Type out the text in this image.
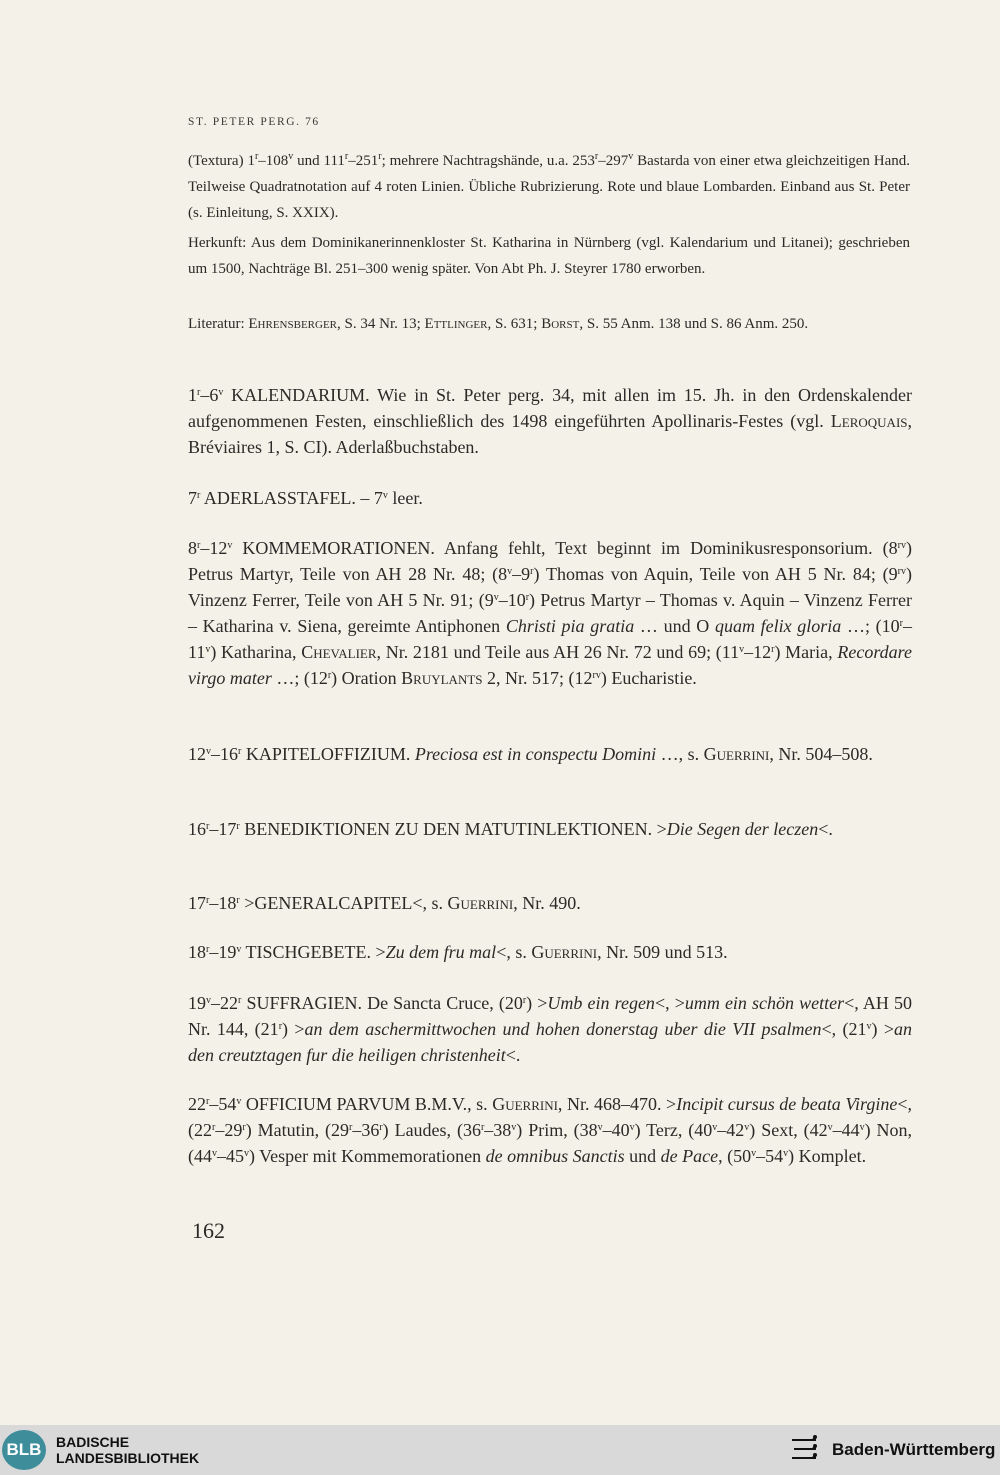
ST. PETER PERG. 76

(Textura) 1$^r$–108$^v$ und 111$^r$–251$^r$; mehrere Nachtragshände, u.a. 253$^r$–297$^v$ Bastarda von einer etwa gleichzeitigen Hand. Teilweise Quadratnotation auf 4 roten Linien. Übliche Rubrizierung. Rote und blaue Lombarden. Einband aus St. Peter (s. Einleitung, S. XXIX).

Herkunft: Aus dem Dominikanerinnenkloster St. Katharina in Nürnberg (vgl. Kalendarium und Litanei); geschrieben um 1500, Nachträge Bl. 251–300 wenig später. Von Abt Ph. J. Steyrer 1780 erworben.

Literatur: Ehrensberger, S. 34 Nr. 13; Ettlinger, S. 631; Borst, S. 55 Anm. 138 und S. 86 Anm. 250.

1$^r$–6$^v$ KALENDARIUM. Wie in St. Peter perg. 34, mit allen im 15. Jh. in den Ordenskalender aufgenommenen Festen, einschließlich des 1498 eingeführten Apollinaris-Festes (vgl. Leroquais, Bréviaires 1, S. CI). Aderlaßbuchstaben.

7$^r$ ADERLASSTAFEL. – 7$^v$ leer.

8$^r$–12$^v$ KOMMEMORATIONEN. Anfang fehlt, Text beginnt im Dominikusresponsorium. $(8^{rv})$ Petrus Martyr, Teile von AH 28 Nr. 48; (8$^v$–9$^r$) Thomas von Aquin, Teile von AH 5 Nr. 84; $(9^{rv})$ Vinzenz Ferrer, Teile von AH 5 Nr. 91; (9$^v$–10$^r$) Petrus Martyr – Thomas v. Aquin – Vinzenz Ferrer – Katharina v. Siena, gereimte Antiphonen Christi pia gratia … und O quam felix gloria …; (10$^r$–11$^v$) Katharina, Chevalier, Nr. 2181 und Teile aus AH 26 Nr. 72 und 69; (11$^v$–12$^r$) Maria, Recordare virgo mater …; (12$^r$) Oration Bruylants 2, Nr. 517; $(12^{rv})$ Eucharistie.

12$^v$–16$^r$ KAPITELOFFIZIUM. Preciosa est in conspectu Domini …, s. Guerrini, Nr. 504–508.

16$^r$–17$^r$ BENEDIKTIONEN ZU DEN MATUTINLEKTIONEN. >Die Segen der leczen<.

$17^r-18^r$ >GENERALCAPITEL<, s. Guerrini, Nr. 490.

18$^r$–19$^v$ TISCHGEBETE. >Zu dem fru mal<, s. Guerrini, Nr. 509 und 513.

19$^v$–22$^r$ SUFFRAGIEN. De Sancta Cruce, $(20^r) >Umb$ ein regen<, >umm ein schön wetter<, AH 50 Nr. 144, $(21^r) >an$ dem aschermittwochen und hohen donerstag uber die VII psalmen<, $(21^v) >an$ den creutztagen fur die heiligen christenheit<.

22$^r$–54$^v$ OFFICIUM PARVUM B.M.V., s. Guerrini, Nr. 468–470. >Incipit cursus de beata Virgine<, (22$^r$–29$^r$) Matutin, (29$^r$–36$^r$) Laudes, (36$^r$–38$^v$) Prim, (38$^v$–40$^v$) Terz, (40$^v$–42$^v$) Sext, (42$^v$–44$^v$) Non, (44$^v$–45$^v$) Vesper mit Kommemorationen de omnibus Sanctis und de Pace, (50$^v$–54$^v$) Komplet.

162
BLB	BADISCHE
LANDESBIBLIOTHEK	Baden-Württemberg
